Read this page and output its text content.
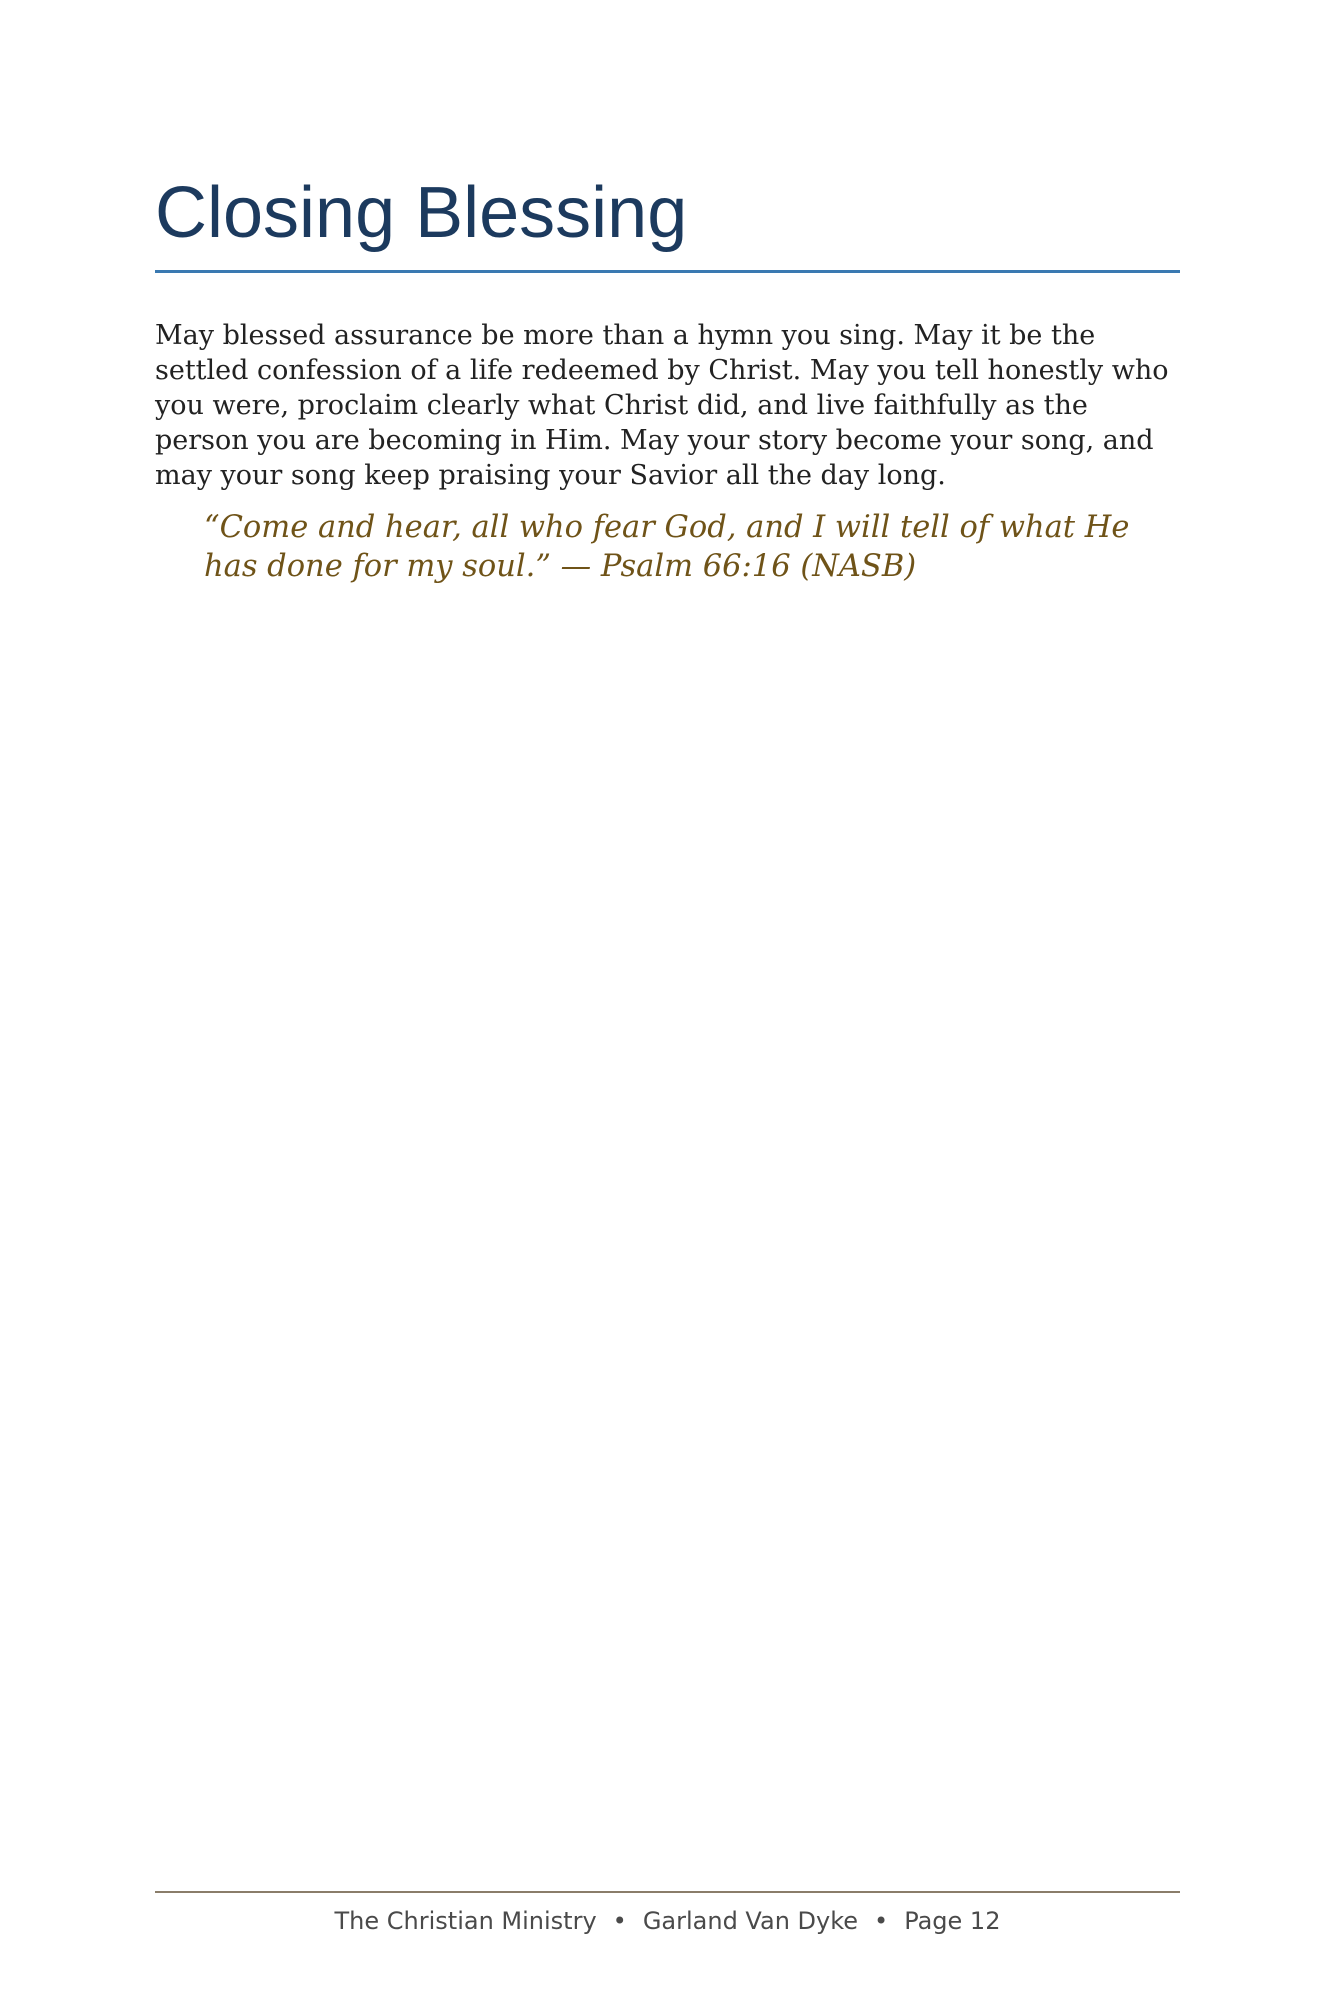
Closing Blessing

May blessed assurance be more than a hymn you sing. May it be the settled confession of a life redeemed by Christ. May you tell honestly who you were, proclaim clearly what Christ did, and live faithfully as the person you are becoming in Him. May your story become your song, and may your song keep praising your Savior all the day long.

“Come and hear, all who fear God, and I will tell of what He has done for my soul.” — Psalm 66:16 (NASB)

The Christian Ministry • Garland Van Dyke • Page 12
